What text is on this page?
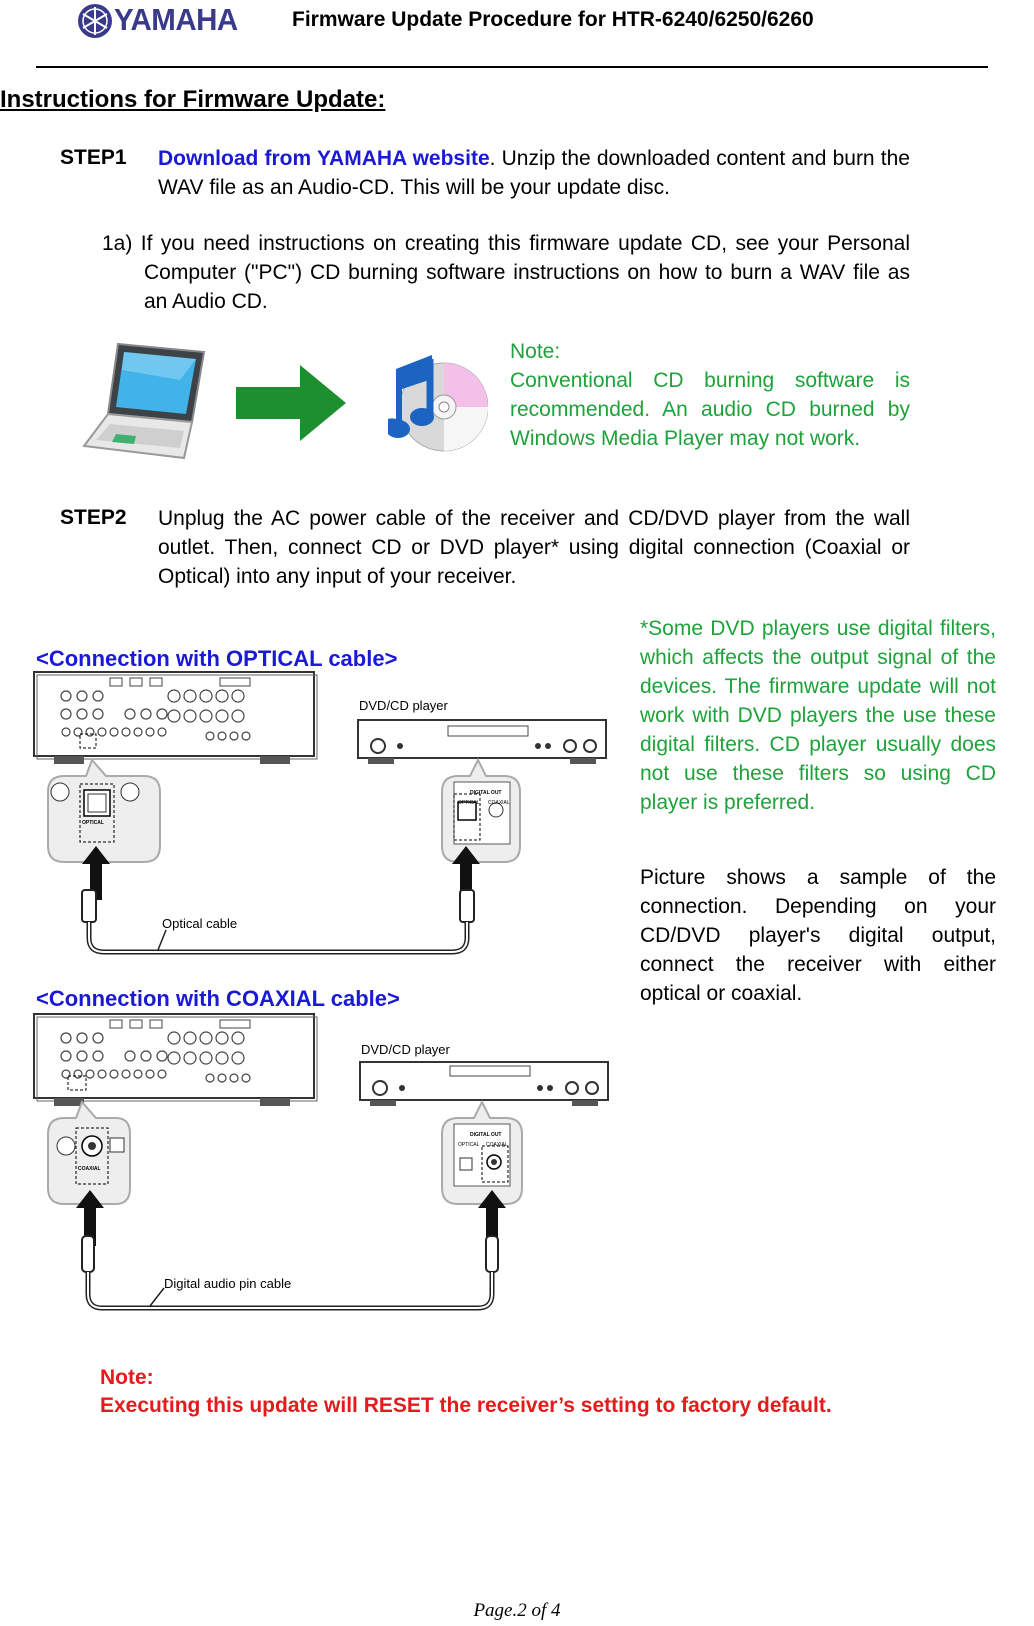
YAMAHA	Firmware Update Procedure for HTR-6240/6250/6260
Instructions for Firmware Update:
STEP1 Download from YAMAHA website. Unzip the downloaded content and burn the WAV file as an Audio-CD. This will be your update disc.
1a) If you need instructions on creating this firmware update CD, see your Personal Computer ("PC") CD burning software instructions on how to burn a WAV file as an Audio CD.
Note:
Conventional CD burning software is recommended. An audio CD burned by Windows Media Player may not work.
STEP2 Unplug the AC power cable of the receiver and CD/DVD player from the wall outlet. Then, connect CD or DVD player* using digital connection (Coaxial or Optical) into any input of your receiver.
*Some DVD players use digital filters, which affects the output signal of the devices. The firmware update will not work with DVD players the use these digital filters. CD player usually does not use these filters so using CD player is preferred.
Picture shows a sample of the connection. Depending on your CD/DVD player's digital output, connect the receiver with either optical or coaxial.
<Connection with OPTICAL cable>
DVD/CD player
Optical cable
OPTICAL
DIGITAL OUT
OPTICAL COAXIAL
<Connection with COAXIAL cable>
DVD/CD player
Digital audio pin cable
COAXIAL
DIGITAL OUT
OPTICAL COAXIAL
Note:
Executing this update will RESET the receiver’s setting to factory default.
Page.2 of 4
